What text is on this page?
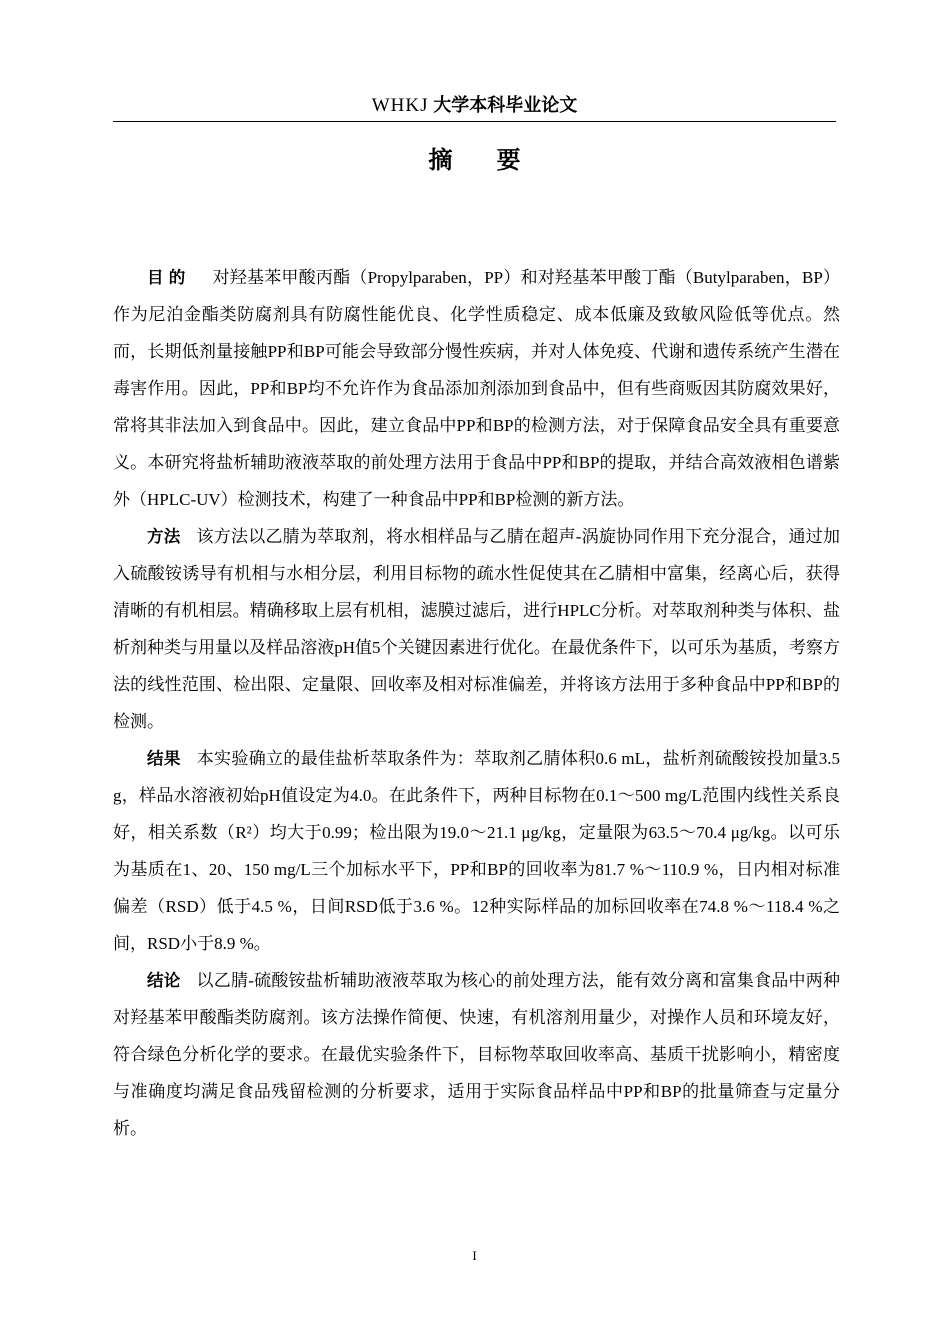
WHKJ 大学本科毕业论文
摘要

目的 对羟基苯甲酸丙酯（Propylparaben，PP）和对羟基苯甲酸丁酯（Butylparaben，BP）作为尼泊金酯类防腐剂具有防腐性能优良、化学性质稳定、成本低廉及致敏风险低等优点。然而，长期低剂量接触PP和BP可能会导致部分慢性疾病，并对人体免疫、代谢和遗传系统产生潜在毒害作用。因此，PP和BP均不允许作为食品添加剂添加到食品中，但有些商贩因其防腐效果好，常将其非法加入到食品中。因此，建立食品中PP和BP的检测方法，对于保障食品安全具有重要意义。本研究将盐析辅助液液萃取的前处理方法用于食品中PP和BP的提取，并结合高效液相色谱紫外（HPLC-UV）检测技术，构建了一种食品中PP和BP检测的新方法。

方法 该方法以乙腈为萃取剂，将水相样品与乙腈在超声-涡旋协同作用下充分混合，通过加入硫酸铵诱导有机相与水相分层，利用目标物的疏水性促使其在乙腈相中富集，经离心后，获得清晰的有机相层。精确移取上层有机相，滤膜过滤后，进行HPLC分析。对萃取剂种类与体积、盐析剂种类与用量以及样品溶液pH值5个关键因素进行优化。在最优条件下，以可乐为基质，考察方法的线性范围、检出限、定量限、回收率及相对标准偏差，并将该方法用于多种食品中PP和BP的检测。

结果 本实验确立的最佳盐析萃取条件为：萃取剂乙腈体积0.6 mL，盐析剂硫酸铵投加量3.5 g，样品水溶液初始pH值设定为4.0。在此条件下，两种目标物在0.1～500 mg/L范围内线性关系良好，相关系数（R²）均大于0.99；检出限为19.0～21.1 μg/kg，定量限为63.5～70.4 μg/kg。以可乐为基质在1、20、150 mg/L三个加标水平下，PP和BP的回收率为81.7 %～110.9 %，日内相对标准偏差（RSD）低于4.5 %，日间RSD低于3.6 %。12种实际样品的加标回收率在74.8 %～118.4 %之间，RSD小于8.9 %。

结论 以乙腈-硫酸铵盐析辅助液液萃取为核心的前处理方法，能有效分离和富集食品中两种对羟基苯甲酸酯类防腐剂。该方法操作简便、快速，有机溶剂用量少，对操作人员和环境友好，符合绿色分析化学的要求。在最优实验条件下，目标物萃取回收率高、基质干扰影响小，精密度与准确度均满足食品残留检测的分析要求，适用于实际食品样品中PP和BP的批量筛查与定量分析。

I
